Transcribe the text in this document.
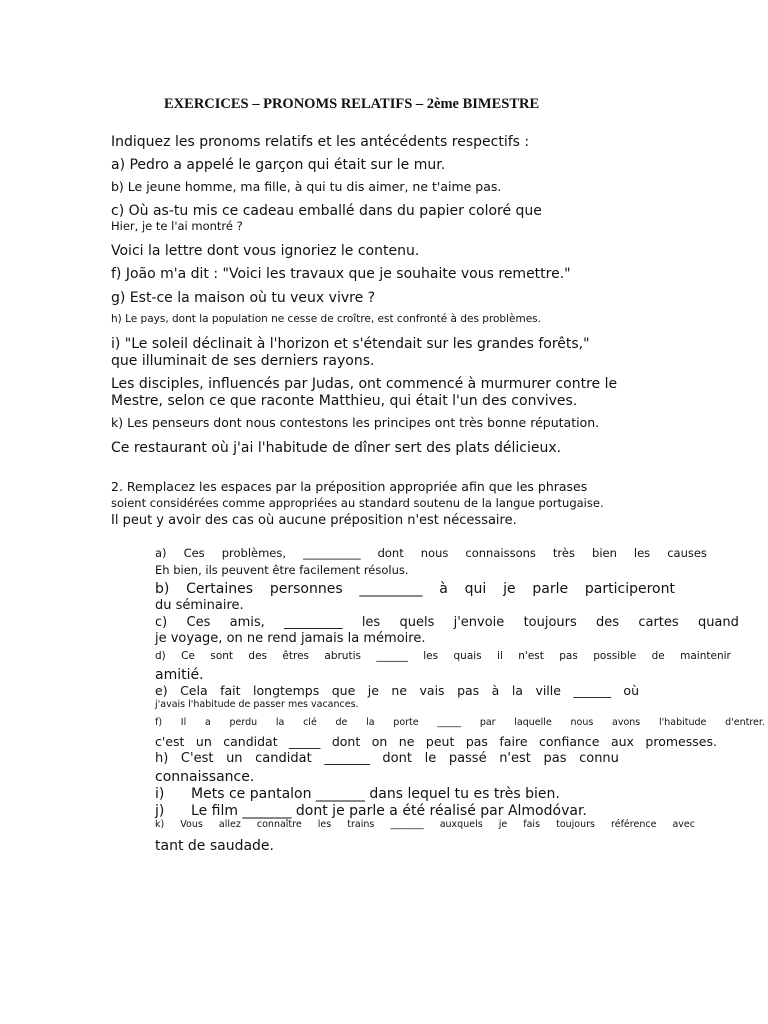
EXERCICES – PRONOMS RELATIFS – 2ème BIMESTRE
Indiquez les pronoms relatifs et les antécédents respectifs :
a) Pedro a appelé le garçon qui était sur le mur.
b) Le jeune homme, ma fille, à qui tu dis aimer, ne t'aime pas.
c) Où as-tu mis ce cadeau emballé dans du papier coloré que
Hier, je te l'ai montré ?
Voici la lettre dont vous ignoriez le contenu.
f) João m'a dit : "Voici les travaux que je souhaite vous remettre."
g) Est-ce la maison où tu veux vivre ?
h) Le pays, dont la population ne cesse de croître, est confronté à des problèmes.
i) "Le soleil déclinait à l'horizon et s'étendait sur les grandes forêts,"
que illuminait de ses derniers rayons.
Les disciples, influencés par Judas, ont commencé à murmurer contre le
Mestre, selon ce que raconte Matthieu, qui était l'un des convives.
k) Les penseurs dont nous contestons les principes ont très bonne réputation.
Ce restaurant où j'ai l'habitude de dîner sert des plats délicieux.
2. Remplacez les espaces par la préposition appropriée afin que les phrases
soient considérées comme appropriées au standard soutenu de la langue portugaise.
Il peut y avoir des cas où aucune préposition n'est nécessaire.
a) Ces problèmes, __________ dont nous connaissons très bien les causes
Eh bien, ils peuvent être facilement résolus.
b) Certaines personnes _________ à qui je parle participeront
du séminaire.
c) Ces amis, _________ les quels j'envoie toujours des cartes quand
je voyage, on ne rend jamais la mémoire.
d) Ce sont des êtres abrutis ______ les quais il n'est pas possible de maintenir
amitié.
e) Cela fait longtemps que je ne vais pas à la ville ______ où
j'avais l'habitude de passer mes vacances.
f) Il a perdu la clé de la porte _____ par laquelle nous avons l'habitude d'entrer.
c'est un candidat _____ dont on ne peut pas faire confiance aux promesses.
h) C'est un candidat _______ dont le passé n'est pas connu
connaissance.
i)      Mets ce pantalon _______ dans lequel tu es très bien.
j)      Le film _______ dont je parle a été réalisé par Almodóvar.
k) Vous allez connaître les trains _______ auxquels je fais toujours référence avec
tant de saudade.
